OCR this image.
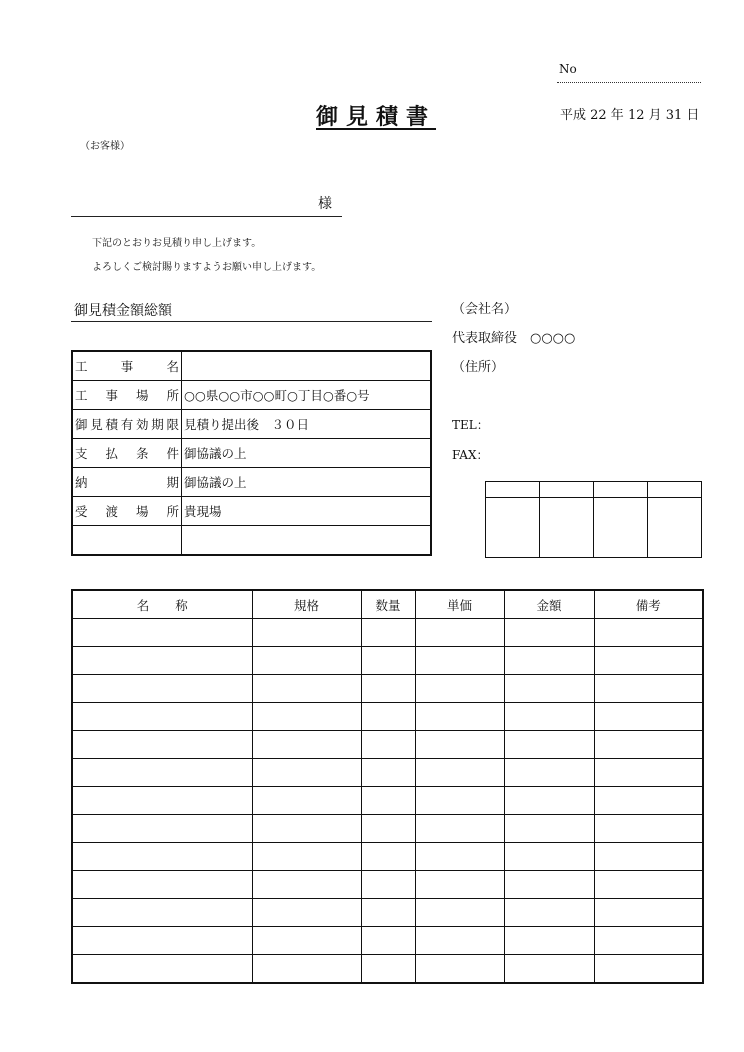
No
御見積書	平成 22 年 12 月 31 日
（お客様）
様
下記のとおりお見積り申し上げます。
よろしくご検討賜りますようお願い申し上げます。
御見積金額総額	（会社名）
代表取締役　○○○○
（住所）
TEL：
FAX：
工事名	
工事場所	○○県○○市○○町○丁目○番○号
御見積有効期限	見積り提出後　３０日
支払条件	御協議の上
納期	御協議の上
受渡場所	貴現場

名称	規格	数量	単価	金額	備考
